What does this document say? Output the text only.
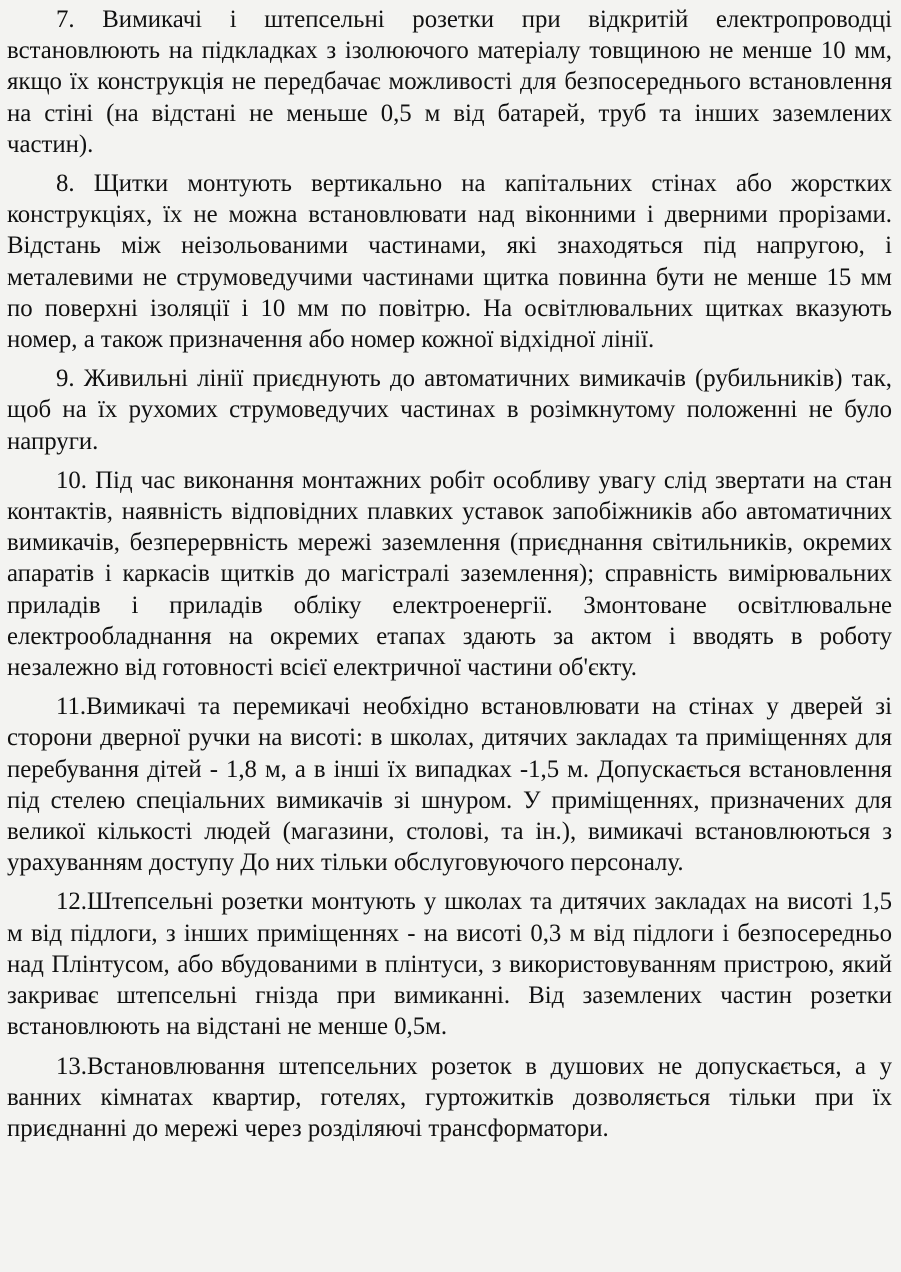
7. Вимикачі і штепсельні розетки при відкритій електропроводці встановлюють на підкладках з ізолюючого матеріалу товщиною не менше 10 мм, якщо їх конструкція не передбачає можливості для безпосереднього встановлення на стіні (на відстані не меньше 0,5 м від батарей, труб та інших заземлених частин).

8. Щитки монтують вертикально на капітальних стінах або жорстких конструкціях, їх не можна встановлювати над віконними і дверними прорізами. Відстань між неізольованими частинами, які знаходяться під напругою, і металевими не струмоведучими частинами щитка повинна бути не менше 15 мм по поверхні ізоляції і 10 мм по повітрю. На освітлювальних щитках вказують номер, а також призначення або номер кожної відхідної лінії.

9. Живильні лінії приєднують до автоматичних вимикачів (рубильників) так, щоб на їх рухомих струмоведучих частинах в розімкнутому положенні не було напруги.

10. Під час виконання монтажних робіт особливу увагу слід звертати на стан контактів, наявність відповідних плавких уставок запобіжників або автоматичних вимикачів, безперервність мережі заземлення (приєднання світильників, окремих апаратів і каркасів щитків до магістралі заземлення); справність вимірювальних приладів і приладів обліку електроенергії. Змонтоване освітлювальне електрообладнання на окремих етапах здають за актом і вводять в роботу незалежно від готовності всієї електричної частини об'єкту.

11.Вимикачі та перемикачі необхідно встановлювати на стінах у дверей зі сторони дверної ручки на висоті: в школах, дитячих закладах та приміщеннях для перебування дітей - 1,8 м, а в інші їх випадках -1,5 м. Допускається встановлення під стелею спеціальних вимикачів зі шнуром. У приміщеннях, призначених для великої кількості людей (магазини, столові, та ін.), вимикачі встановлюються з урахуванням доступу До них тільки обслуговуючого персоналу.

12.Штепсельні розетки монтують у школах та дитячих закладах на висоті 1,5 м від підлоги, з інших приміщеннях - на висоті 0,3 м від підлоги і безпосередньо над Плінтусом, або вбудованими в плінтуси, з використовуванням пристрою, який закриває штепсельні гнізда при вимиканні. Від заземлених частин розетки встановлюють на відстані не менше 0,5м.

13.Встановлювання штепсельних розеток в душових не допускається, а у ванних кімнатах квартир, готелях, гуртожитків дозволяється тільки при їх приєднанні до мережі через розділяючі трансформатори.
